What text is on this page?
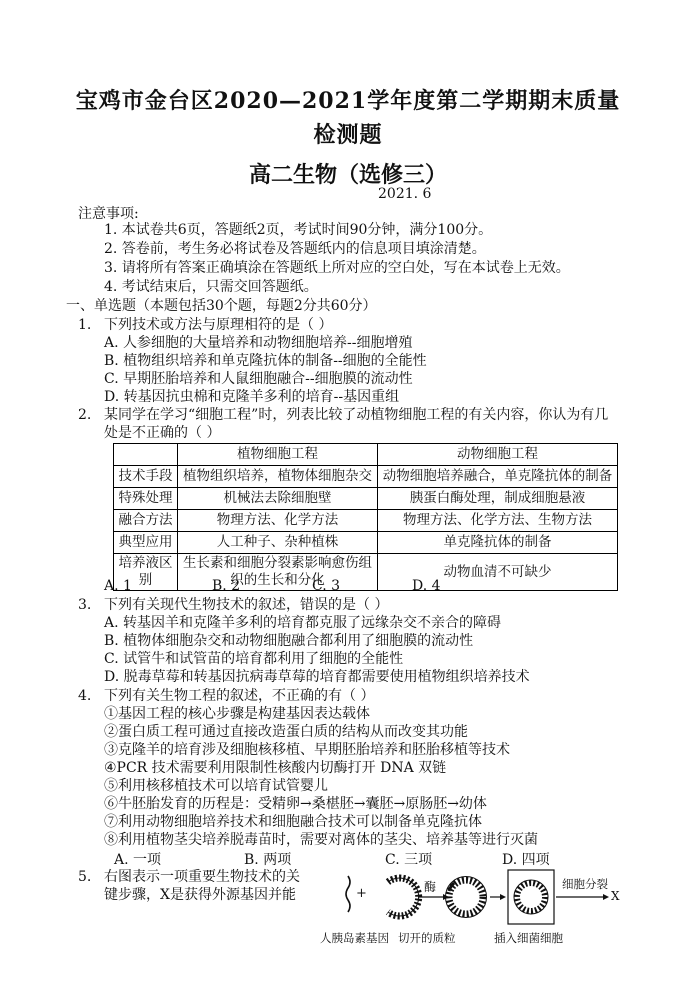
宝鸡市金台区2020—2021学年度第二学期期末质量
检测题
高二生物（选修三）
2021. 6
注意事项:
1. 本试卷共6页，答题纸2页，考试时间90分钟，满分100分。
2. 答卷前，考生务必将试卷及答题纸内的信息项目填涂清楚。
3. 请将所有答案正确填涂在答题纸上所对应的空白处，写在本试卷上无效。
4. 考试结束后，只需交回答题纸。
一、单选题（本题包括30个题，每题2分共60分）
1. 下列技术或方法与原理相符的是（ ）
A. 人参细胞的大量培养和动物细胞培养--细胞增殖
B. 植物组织培养和单克隆抗体的制备--细胞的全能性
C. 早期胚胎培养和人鼠细胞融合--细胞膜的流动性
D. 转基因抗虫棉和克隆羊多利的培育--基因重组
2. 某同学在学习“细胞工程”时，列表比较了动植物细胞工程的有关内容，你认为有几
处是不正确的（ ）
	植物细胞工程	动物细胞工程
技术手段	植物组织培养，植物体细胞杂交	动物细胞培养融合，单克隆抗体的制备
特殊处理	机械法去除细胞壁	胰蛋白酶处理，制成细胞悬液
融合方法	物理方法、化学方法	物理方法、化学方法、生物方法
典型应用	人工种子、杂种植株	单克隆抗体的制备
培养液区别	生长素和细胞分裂素影响愈伤组织的生长和分化	动物血清不可缺少
A. 1	B. 2	C. 3	D. 4
3. 下列有关现代生物技术的叙述，错误的是（ ）
A. 转基因羊和克隆羊多利的培育都克服了远缘杂交不亲合的障碍
B. 植物体细胞杂交和动物细胞融合都利用了细胞膜的流动性
C. 试管牛和试管苗的培育都利用了细胞的全能性
D. 脱毒草莓和转基因抗病毒草莓的培育都需要使用植物组织培养技术
4. 下列有关生物工程的叙述，不正确的有（ ）
①基因工程的核心步骤是构建基因表达载体
②蛋白质工程可通过直接改造蛋白质的结构从而改变其功能
③克隆羊的培育涉及细胞核移植、早期胚胎培养和胚胎移植等技术
④PCR 技术需要利用限制性核酸内切酶打开 DNA 双链
⑤利用核移植技术可以培育试管婴儿
⑥牛胚胎发育的历程是：受精卵→桑椹胚→囊胚→原肠胚→幼体
⑦利用动物细胞培养技术和细胞融合技术可以制备单克隆抗体
⑧利用植物茎尖培养脱毒苗时，需要对离体的茎尖、培养基等进行灭菌
A. 一项	B. 两项	C. 三项	D. 四项
5. 右图表示一项重要生物技术的关
键步骤，X是获得外源基因并能	+	酶	细胞分裂
X
人胰岛素基因 切开的质粒	插入细菌细胞
